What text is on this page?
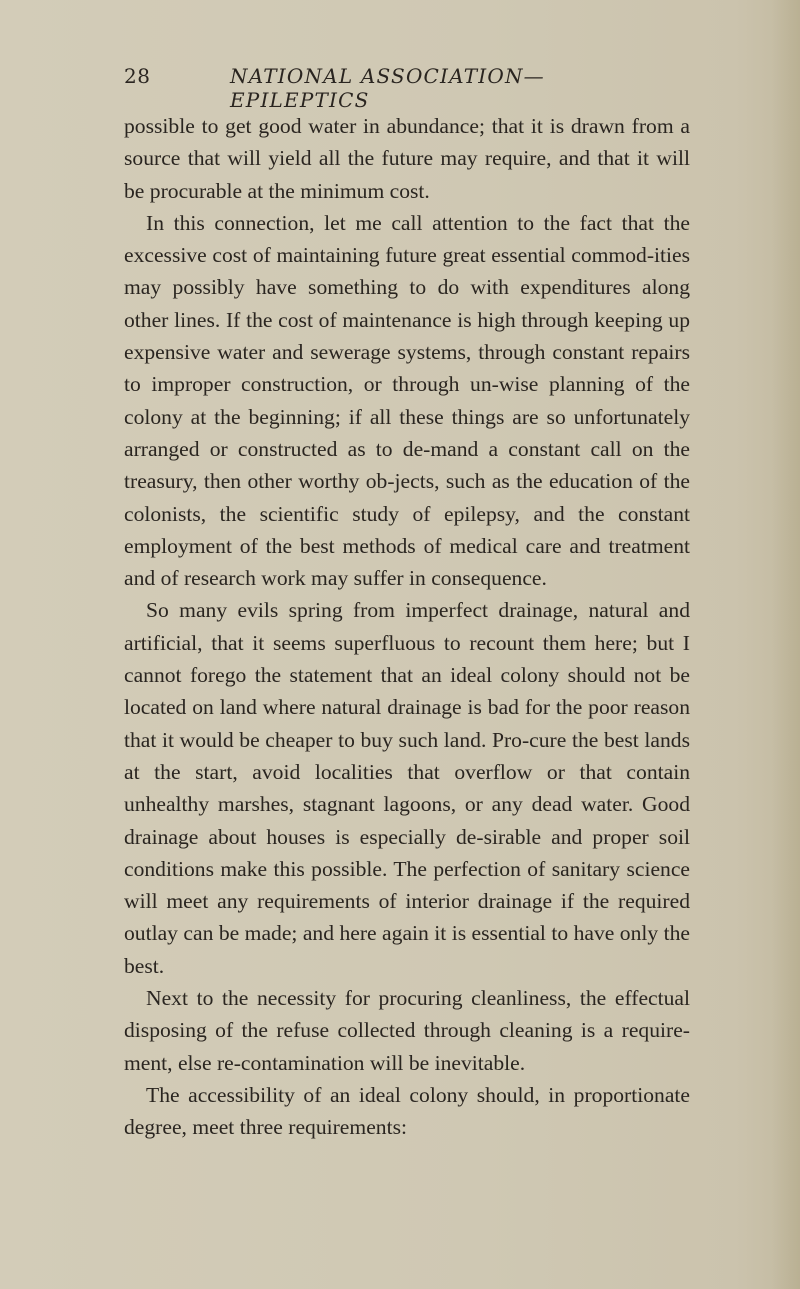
28	NATIONAL ASSOCIATION—EPILEPTICS

possible to get good water in abundance; that it is drawn from a source that will yield all the future may require, and that it will be procurable at the minimum cost.

In this connection, let me call attention to the fact that the excessive cost of maintaining future great essential commod-ities may possibly have something to do with expenditures along other lines. If the cost of maintenance is high through keeping up expensive water and sewerage systems, through constant repairs to improper construction, or through un-wise planning of the colony at the beginning; if all these things are so unfortunately arranged or constructed as to de-mand a constant call on the treasury, then other worthy ob-jects, such as the education of the colonists, the scientific study of epilepsy, and the constant employment of the best methods of medical care and treatment and of research work may suffer in consequence.

So many evils spring from imperfect drainage, natural and artificial, that it seems superfluous to recount them here; but I cannot forego the statement that an ideal colony should not be located on land where natural drainage is bad for the poor reason that it would be cheaper to buy such land. Pro-cure the best lands at the start, avoid localities that overflow or that contain unhealthy marshes, stagnant lagoons, or any dead water. Good drainage about houses is especially de-sirable and proper soil conditions make this possible. The perfection of sanitary science will meet any requirements of interior drainage if the required outlay can be made; and here again it is essential to have only the best.

Next to the necessity for procuring cleanliness, the effectual disposing of the refuse collected through cleaning is a require-ment, else re-contamination will be inevitable.

The accessibility of an ideal colony should, in proportionate degree, meet three requirements:
